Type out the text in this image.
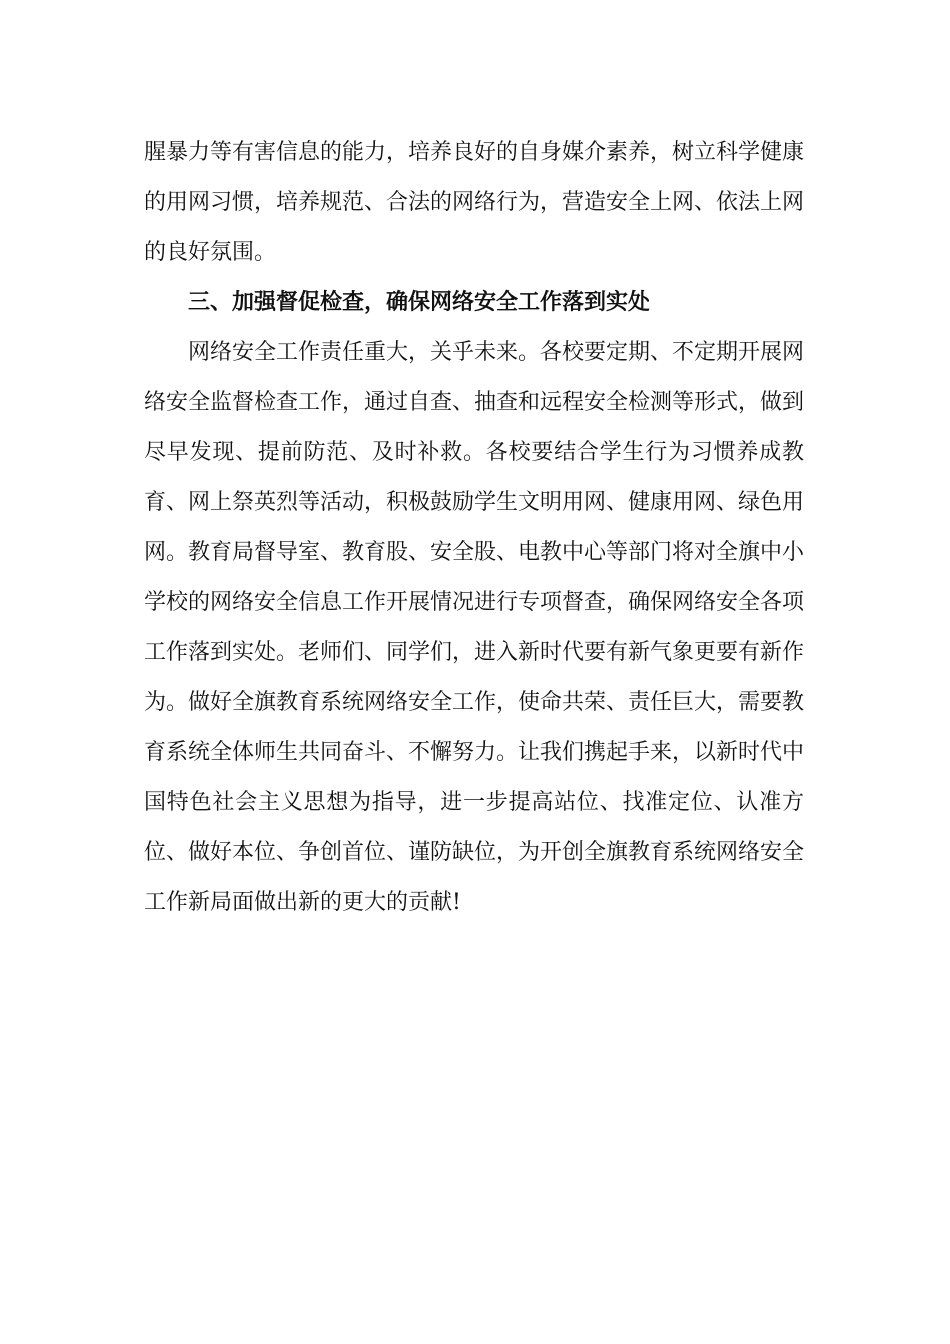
腥暴力等有害信息的能力，培养良好的自身媒介素养，树立科学健康的用网习惯，培养规范、合法的网络行为，营造安全上网、依法上网的良好氛围。

三、加强督促检查，确保网络安全工作落到实处

网络安全工作责任重大，关乎未来。各校要定期、不定期开展网络安全监督检查工作，通过自查、抽查和远程安全检测等形式，做到尽早发现、提前防范、及时补救。各校要结合学生行为习惯养成教育、网上祭英烈等活动，积极鼓励学生文明用网、健康用网、绿色用网。教育局督导室、教育股、安全股、电教中心等部门将对全旗中小学校的网络安全信息工作开展情况进行专项督查，确保网络安全各项工作落到实处。老师们、同学们，进入新时代要有新气象更要有新作为。做好全旗教育系统网络安全工作，使命共荣、责任巨大，需要教育系统全体师生共同奋斗、不懈努力。让我们携起手来，以新时代中国特色社会主义思想为指导，进一步提高站位、找准定位、认准方位、做好本位、争创首位、谨防缺位，为开创全旗教育系统网络安全工作新局面做出新的更大的贡献!
